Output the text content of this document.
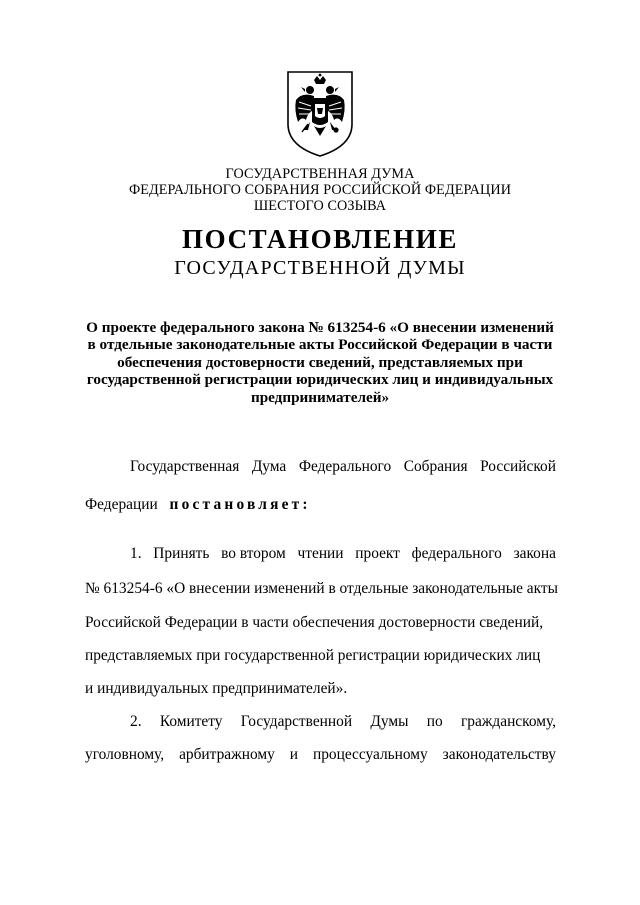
ГОСУДАРСТВЕННАЯ ДУМА
ФЕДЕРАЛЬНОГО СОБРАНИЯ РОССИЙСКОЙ ФЕДЕРАЦИИ
ШЕСТОГО СОЗЫВА
ПОСТАНОВЛЕНИЕ
ГОСУДАРСТВЕННОЙ ДУМЫ
О проекте федерального закона № 613254-6 «О внесении изменений
в отдельные законодательные акты Российской Федерации в части
обеспечения достоверности сведений, представляемых при
государственной регистрации юридических лиц и индивидуальных
предпринимателей»
Государственная Дума Федерального Собрания Российской
Федерации постановляет:
1. Принять во втором чтении проект федерального закона
№ 613254-6 «О внесении изменений в отдельные законодательные акты
Российской Федерации в части обеспечения достоверности сведений,
представляемых при государственной регистрации юридических лиц
и индивидуальных предпринимателей».
2. Комитету Государственной Думы по гражданскому,
уголовному, арбитражному и процессуальному законодательству
